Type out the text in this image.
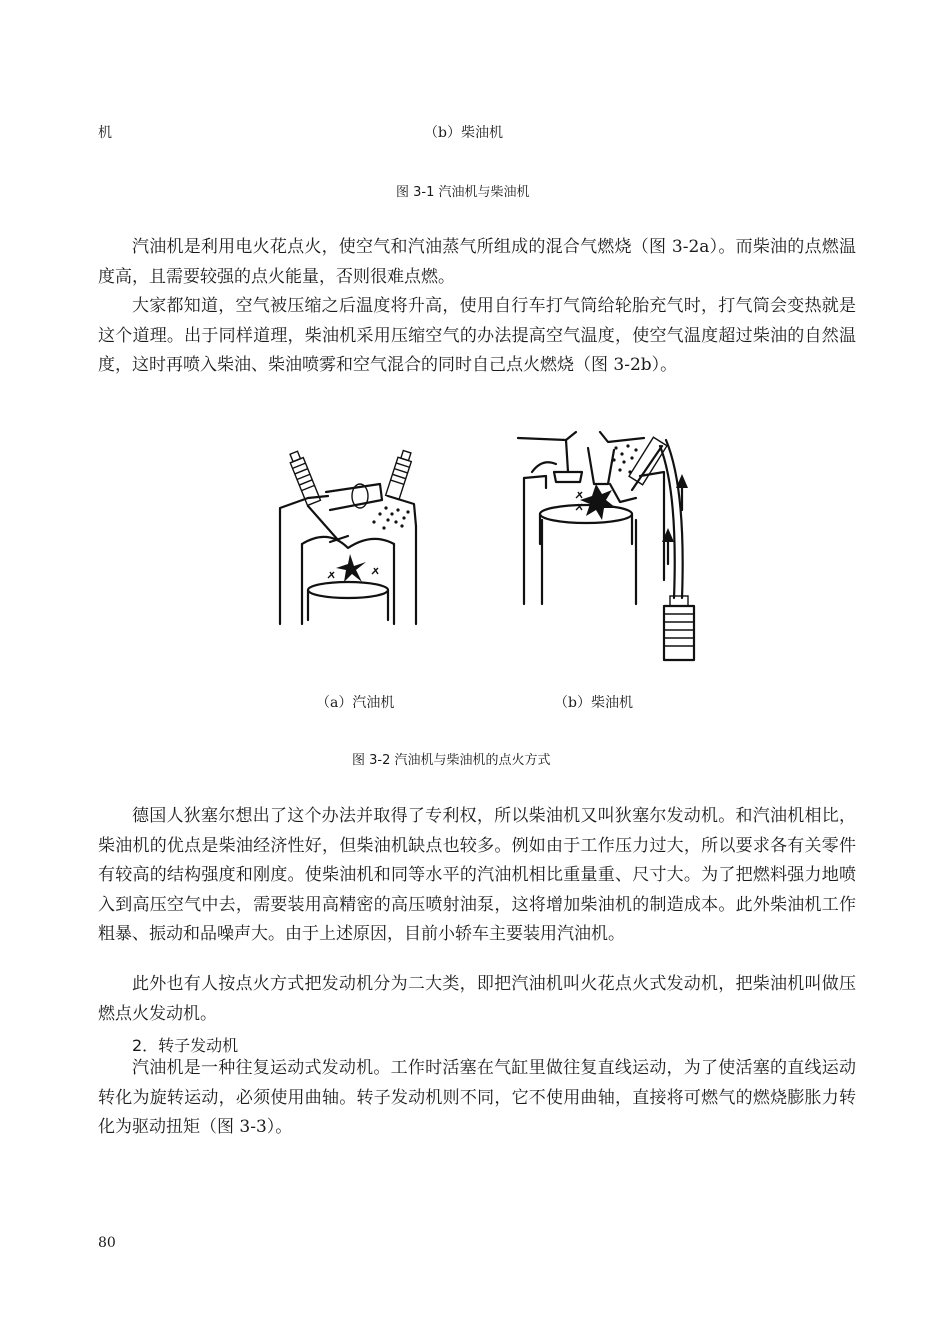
机	（b）柴油机
图 3-1 汽油机与柴油机

汽油机是利用电火花点火，使空气和汽油蒸气所组成的混合气燃烧（图 3-2a）。而柴油的点燃温度高，且需要较强的点火能量，否则很难点燃。

大家都知道，空气被压缩之后温度将升高，使用自行车打气筒给轮胎充气时，打气筒会变热就是这个道理。出于同样道理，柴油机采用压缩空气的办法提高空气温度，使空气温度超过柴油的自然温度，这时再喷入柴油、柴油喷雾和空气混合的同时自己点火燃烧（图 3-2b）。

（a）汽油机	（b）柴油机
图 3-2 汽油机与柴油机的点火方式

德国人狄塞尔想出了这个办法并取得了专利权，所以柴油机又叫狄塞尔发动机。和汽油机相比，柴油机的优点是柴油经济性好，但柴油机缺点也较多。例如由于工作压力过大，所以要求各有关零件有较高的结构强度和刚度。使柴油机和同等水平的汽油机相比重量重、尺寸大。为了把燃料强力地喷入到高压空气中去，需要装用高精密的高压喷射油泵，这将增加柴油机的制造成本。此外柴油机工作粗暴、振动和品噪声大。由于上述原因，目前小轿车主要装用汽油机。

此外也有人按点火方式把发动机分为二大类，即把汽油机叫火花点火式发动机，把柴油机叫做压燃点火发动机。

2．转子发动机

汽油机是一种往复运动式发动机。工作时活塞在气缸里做往复直线运动，为了使活塞的直线运动转化为旋转运动，必须使用曲轴。转子发动机则不同，它不使用曲轴，直接将可燃气的燃烧膨胀力转化为驱动扭矩（图 3-3）。

80
